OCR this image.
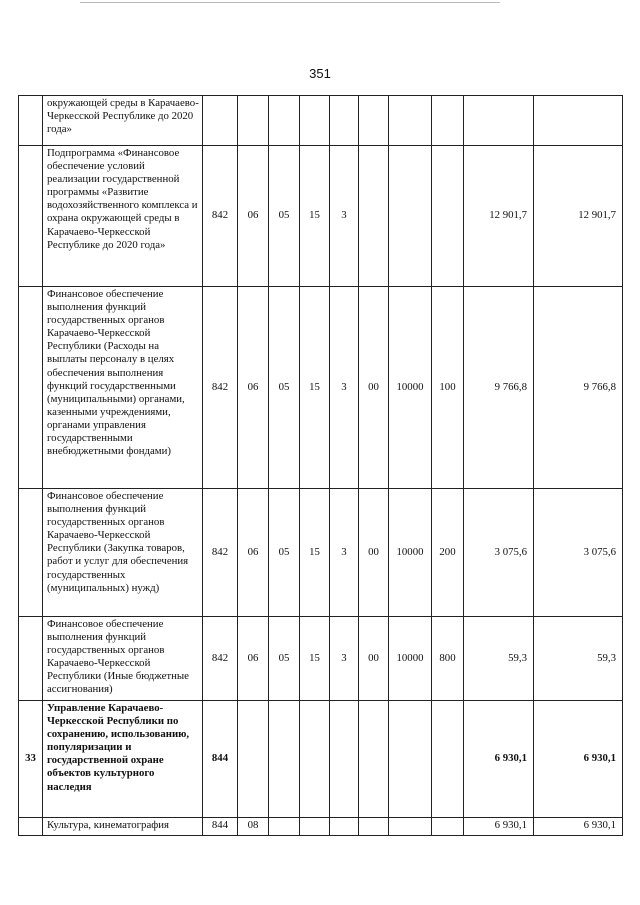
351
	окружающей среды в Карачаево-Черкесской Республике до 2020 года»										
	Подпрограмма «Финансовое обеспечение условий реализации государственной программы «Развитие водохозяйственного комплекса и охрана окружающей среды в Карачаево-Черкесской Республике до 2020 года»	842	06	05	15	3				12 901,7	12 901,7
	Финансовое обеспечение выполнения функций государственных органов Карачаево-Черкесской Республики (Расходы на выплаты персоналу в целях обеспечения выполнения функций государственными (муниципальными) органами, казенными учреждениями, органами управления государственными внебюджетными фондами)	842	06	05	15	3	00	10000	100	9 766,8	9 766,8
	Финансовое обеспечение выполнения функций государственных органов Карачаево-Черкесской Республики (Закупка товаров, работ и услуг для обеспечения государственных (муниципальных) нужд)	842	06	05	15	3	00	10000	200	3 075,6	3 075,6
	Финансовое обеспечение выполнения функций государственных органов Карачаево-Черкесской Республики (Иные бюджетные ассигнования)	842	06	05	15	3	00	10000	800	59,3	59,3
33	Управление Карачаево-Черкесской Республики по сохранению, использованию, популяризации и государственной охране объектов культурного наследия	844								6 930,1	6 930,1
	Культура, кинематография	844	08							6 930,1	6 930,1
